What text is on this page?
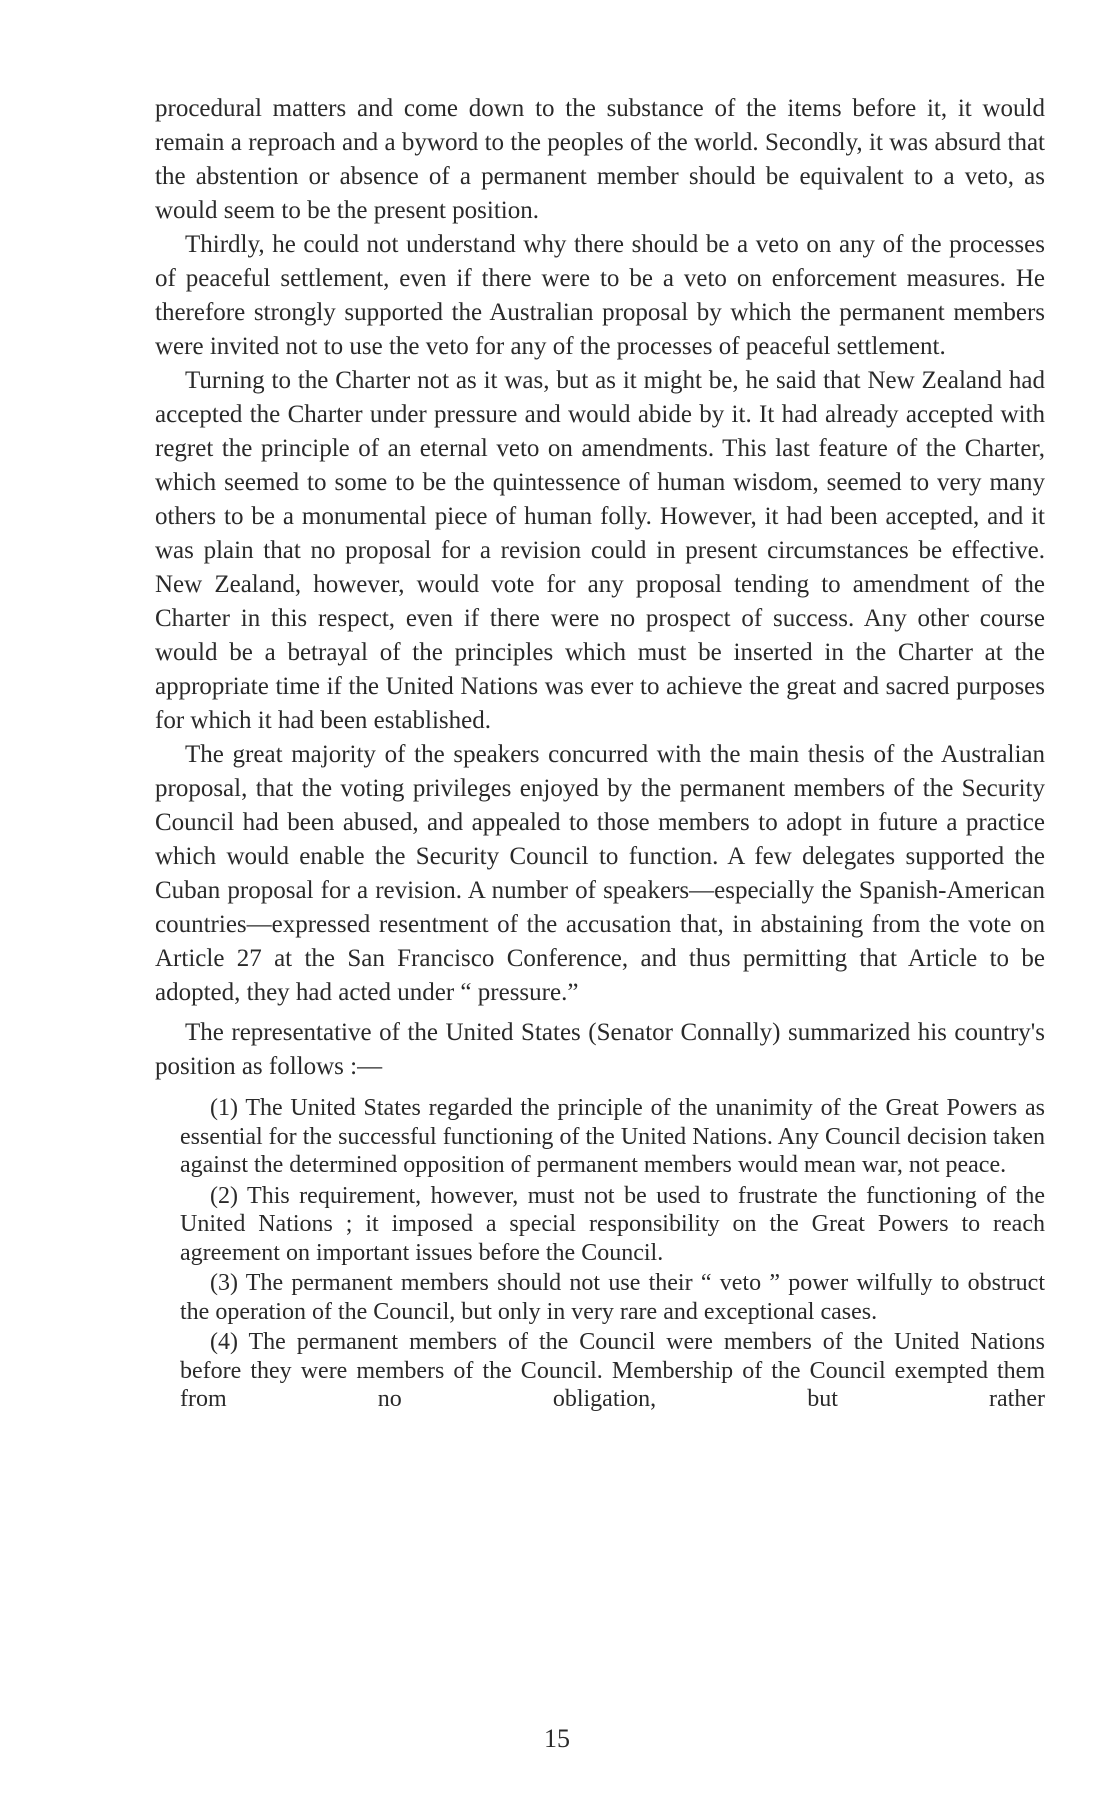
procedural matters and come down to the substance of the items before it, it would remain a reproach and a byword to the peoples of the world. Secondly, it was absurd that the abstention or absence of a permanent member should be equivalent to a veto, as would seem to be the present position.

Thirdly, he could not understand why there should be a veto on any of the processes of peaceful settlement, even if there were to be a veto on enforcement measures. He therefore strongly supported the Australian proposal by which the permanent members were invited not to use the veto for any of the processes of peaceful settlement.

Turning to the Charter not as it was, but as it might be, he said that New Zealand had accepted the Charter under pressure and would abide by it. It had already accepted with regret the principle of an eternal veto on amendments. This last feature of the Charter, which seemed to some to be the quintessence of human wisdom, seemed to very many others to be a monumental piece of human folly. However, it had been accepted, and it was plain that no proposal for a revision could in present circumstances be effective. New Zealand, however, would vote for any proposal tending to amendment of the Charter in this respect, even if there were no prospect of success. Any other course would be a betrayal of the principles which must be inserted in the Charter at the appropriate time if the United Nations was ever to achieve the great and sacred purposes for which it had been established.

The great majority of the speakers concurred with the main thesis of the Australian proposal, that the voting privileges enjoyed by the permanent members of the Security Council had been abused, and appealed to those members to adopt in future a practice which would enable the Security Council to function. A few delegates supported the Cuban proposal for a revision. A number of speakers—especially the Spanish-American countries—expressed resentment of the accusation that, in abstaining from the vote on Article 27 at the San Francisco Conference, and thus permitting that Article to be adopted, they had acted under “ pressure.”

The representative of the United States (Senator Connally) summarized his country's position as follows :—

(1) The United States regarded the principle of the unanimity of the Great Powers as essential for the successful functioning of the United Nations. Any Council decision taken against the determined opposition of permanent members would mean war, not peace.

(2) This requirement, however, must not be used to frustrate the functioning of the United Nations ; it imposed a special responsibility on the Great Powers to reach agreement on important issues before the Council.

(3) The permanent members should not use their “ veto ” power wilfully to obstruct the operation of the Council, but only in very rare and exceptional cases.

(4) The permanent members of the Council were members of the United Nations before they were members of the Council. Membership of the Council exempted them from no obligation, but rather

15
